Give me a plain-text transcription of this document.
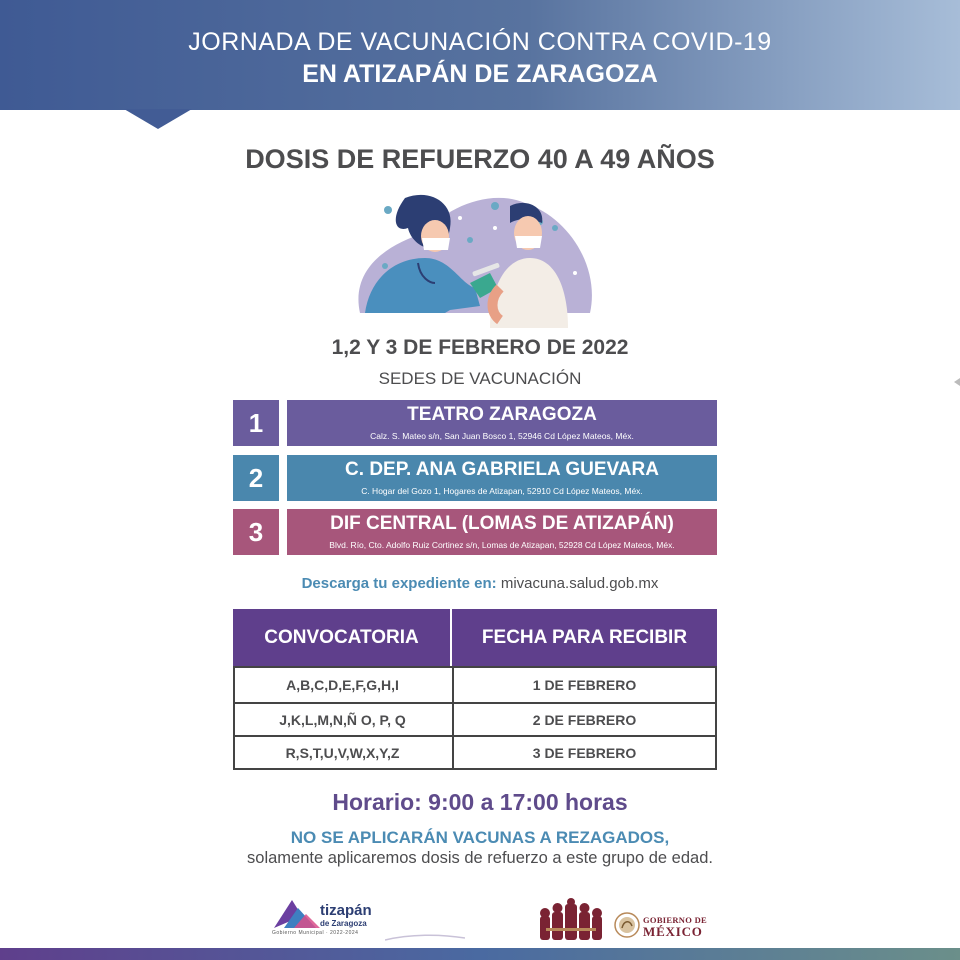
JORNADA DE VACUNACIÓN CONTRA COVID-19
EN ATIZAPÁN DE ZARAGOZA
DOSIS DE REFUERZO 40 A 49 AÑOS
1,2 Y 3 DE FEBRERO DE 2022
SEDES DE VACUNACIÓN
1	TEATRO ZARAGOZA
Calz. S. Mateo s/n, San Juan Bosco 1, 52946 Cd López Mateos, Méx.
2	C. DEP. ANA GABRIELA GUEVARA
C. Hogar del Gozo 1, Hogares de Atizapan, 52910 Cd López Mateos, Méx.
3	DIF CENTRAL (LOMAS DE ATIZAPÁN)
Blvd. Río, Cto. Adolfo Ruiz Cortinez s/n, Lomas de Atizapan, 52928 Cd López Mateos, Méx.
Descarga tu expediente en: mivacuna.salud.gob.mx
CONVOCATORIA	FECHA PARA RECIBIR
A,B,C,D,E,F,G,H,I	1 DE FEBRERO
J,K,L,M,N,Ñ O, P, Q	2 DE FEBRERO
R,S,T,U,V,W,X,Y,Z	3 DE FEBRERO
Horario: 9:00 a 17:00 horas
NO SE APLICARÁN VACUNAS A REZAGADOS,
solamente aplicaremos dosis de refuerzo a este grupo de edad.
tizapán
de Zaragoza
Gobierno Municipal · 2022-2024
GOBIERNO DE
MÉXICO
